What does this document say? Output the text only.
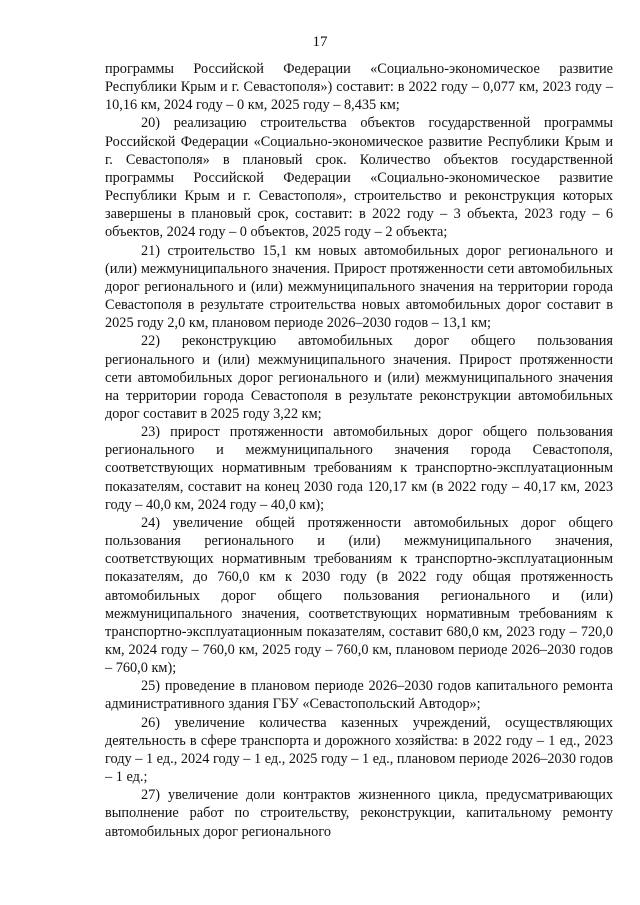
17

программы Российской Федерации «Социально-экономическое развитие Республики Крым и г. Севастополя») составит: в 2022 году – 0,077 км, 2023 году – 10,16 км, 2024 году – 0 км, 2025 году – 8,435 км;

20) реализацию строительства объектов государственной программы Российской Федерации «Социально-экономическое развитие Республики Крым и г. Севастополя» в плановый срок. Количество объектов государственной программы Российской Федерации «Социально-экономическое развитие Республики Крым и г. Севастополя», строительство и реконструкция которых завершены в плановый срок, составит: в 2022 году – 3 объекта, 2023 году – 6 объектов, 2024 году – 0 объектов, 2025 году – 2 объекта;

21) строительство 15,1 км новых автомобильных дорог регионального и (или) межмуниципального значения. Прирост протяженности сети автомобильных дорог регионального и (или) межмуниципального значения на территории города Севастополя в результате строительства новых автомобильных дорог составит в 2025 году 2,0 км, плановом периоде 2026–2030 годов – 13,1 км;

22) реконструкцию автомобильных дорог общего пользования регионального и (или) межмуниципального значения. Прирост протяженности сети автомобильных дорог регионального и (или) межмуниципального значения на территории города Севастополя в результате реконструкции автомобильных дорог составит в 2025 году 3,22 км;

23) прирост протяженности автомобильных дорог общего пользования регионального и межмуниципального значения города Севастополя, соответствующих нормативным требованиям к транспортно-эксплуатационным показателям, составит на конец 2030 года 120,17 км (в 2022 году – 40,17 км, 2023 году – 40,0 км, 2024 году – 40,0 км);

24) увеличение общей протяженности автомобильных дорог общего пользования регионального и (или) межмуниципального значения, соответствующих нормативным требованиям к транспортно-эксплуатационным показателям, до 760,0 км к 2030 году (в 2022 году общая протяженность автомобильных дорог общего пользования регионального и (или) межмуниципального значения, соответствующих нормативным требованиям к транспортно-эксплуатационным показателям, составит 680,0 км, 2023 году – 720,0 км, 2024 году – 760,0 км, 2025 году – 760,0 км, плановом периоде 2026–2030 годов – 760,0 км);

25) проведение в плановом периоде 2026–2030 годов капитального ремонта административного здания ГБУ «Севастопольский Автодор»;

26) увеличение количества казенных учреждений, осуществляющих деятельность в сфере транспорта и дорожного хозяйства: в 2022 году – 1 ед., 2023 году – 1 ед., 2024 году – 1 ед., 2025 году – 1 ед., плановом периоде 2026–2030 годов – 1 ед.;

27) увеличение доли контрактов жизненного цикла, предусматривающих выполнение работ по строительству, реконструкции, капитальному ремонту автомобильных дорог регионального
